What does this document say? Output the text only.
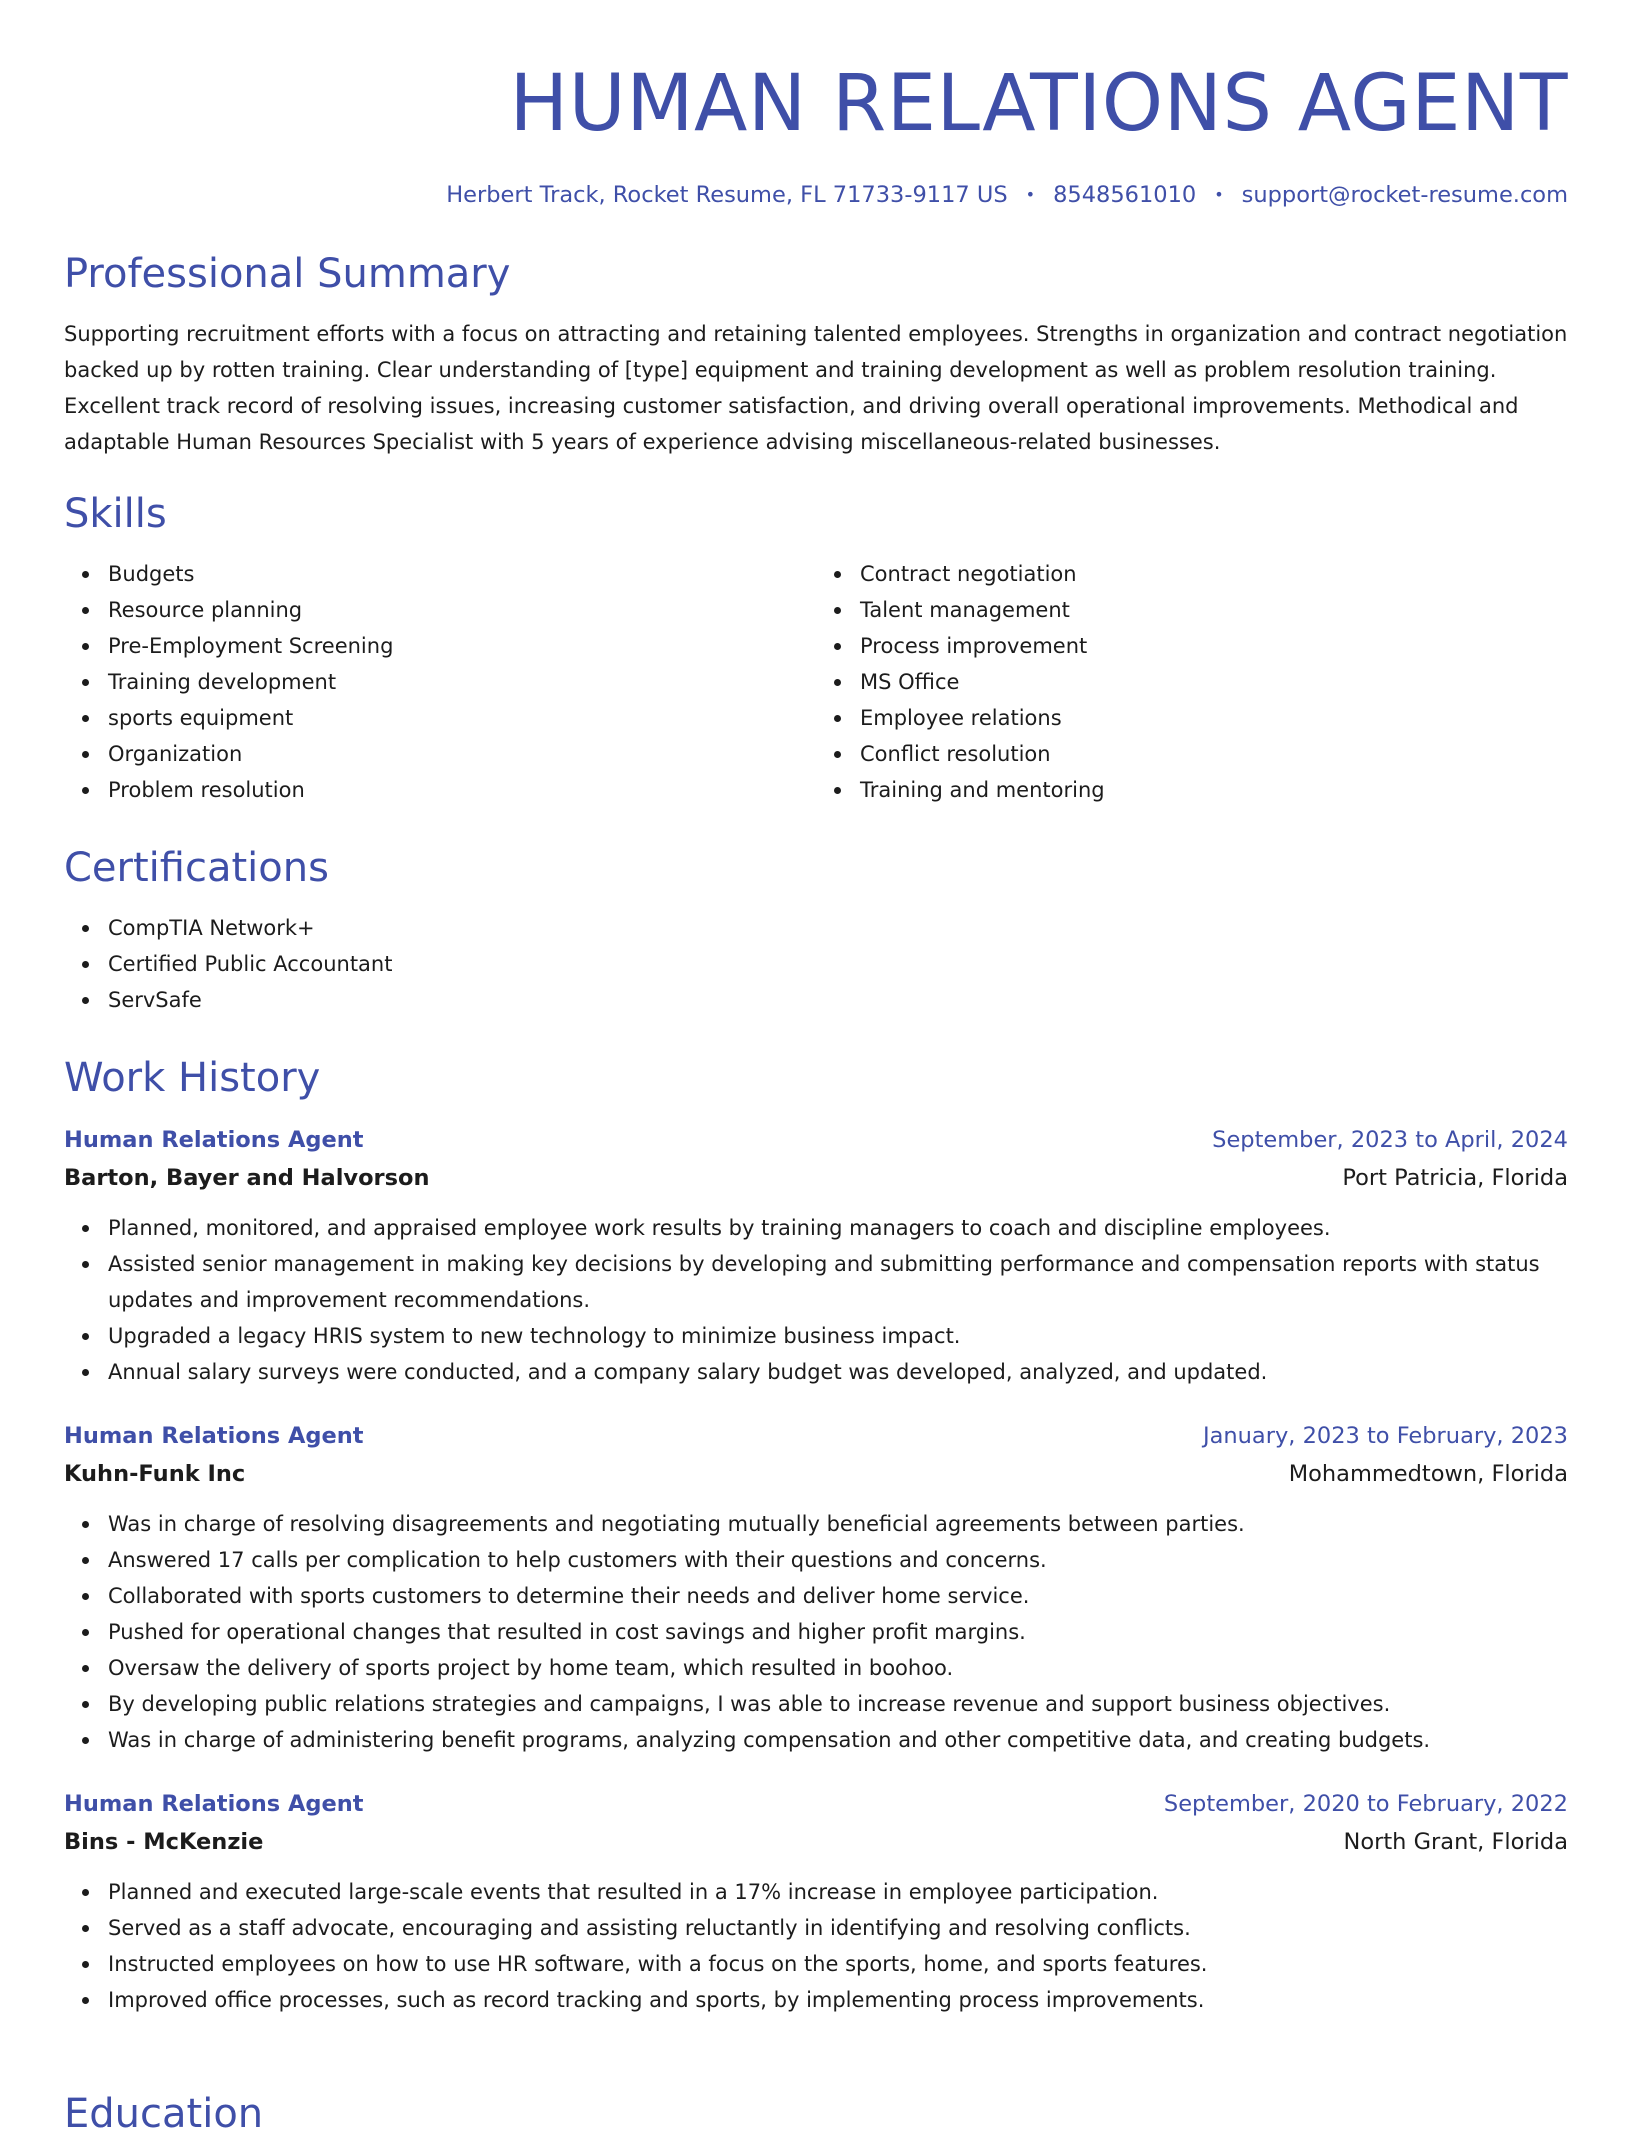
HUMAN RELATIONS AGENT
Herbert Track, Rocket Resume, FL 71733-9117 US • 8548561010 • support@rocket-resume.com
Professional Summary
Supporting recruitment efforts with a focus on attracting and retaining talented employees. Strengths in organization and contract negotiation backed up by rotten training. Clear understanding of [type] equipment and training development as well as problem resolution training. Excellent track record of resolving issues, increasing customer satisfaction, and driving overall operational improvements. Methodical and adaptable Human Resources Specialist with 5 years of experience advising miscellaneous-related businesses.
Skills
Budgets
Resource planning
Pre-Employment Screening
Training development
sports equipment
Organization
Problem resolution
Contract negotiation
Talent management
Process improvement
MS Office
Employee relations
Conflict resolution
Training and mentoring
Certifications
CompTIA Network+
Certified Public Accountant
ServSafe
Work History
Human Relations Agent	September, 2023 to April, 2024
Barton, Bayer and Halvorson	Port Patricia, Florida
Planned, monitored, and appraised employee work results by training managers to coach and discipline employees.
Assisted senior management in making key decisions by developing and submitting performance and compensation reports with status updates and improvement recommendations.
Upgraded a legacy HRIS system to new technology to minimize business impact.
Annual salary surveys were conducted, and a company salary budget was developed, analyzed, and updated.
Human Relations Agent	January, 2023 to February, 2023
Kuhn-Funk Inc	Mohammedtown, Florida
Was in charge of resolving disagreements and negotiating mutually beneficial agreements between parties.
Answered 17 calls per complication to help customers with their questions and concerns.
Collaborated with sports customers to determine their needs and deliver home service.
Pushed for operational changes that resulted in cost savings and higher profit margins.
Oversaw the delivery of sports project by home team, which resulted in boohoo.
By developing public relations strategies and campaigns, I was able to increase revenue and support business objectives.
Was in charge of administering benefit programs, analyzing compensation and other competitive data, and creating budgets.
Human Relations Agent	September, 2020 to February, 2022
Bins - McKenzie	North Grant, Florida
Planned and executed large-scale events that resulted in a 17% increase in employee participation.
Served as a staff advocate, encouraging and assisting reluctantly in identifying and resolving conflicts.
Instructed employees on how to use HR software, with a focus on the sports, home, and sports features.
Improved office processes, such as record tracking and sports, by implementing process improvements.
Education
